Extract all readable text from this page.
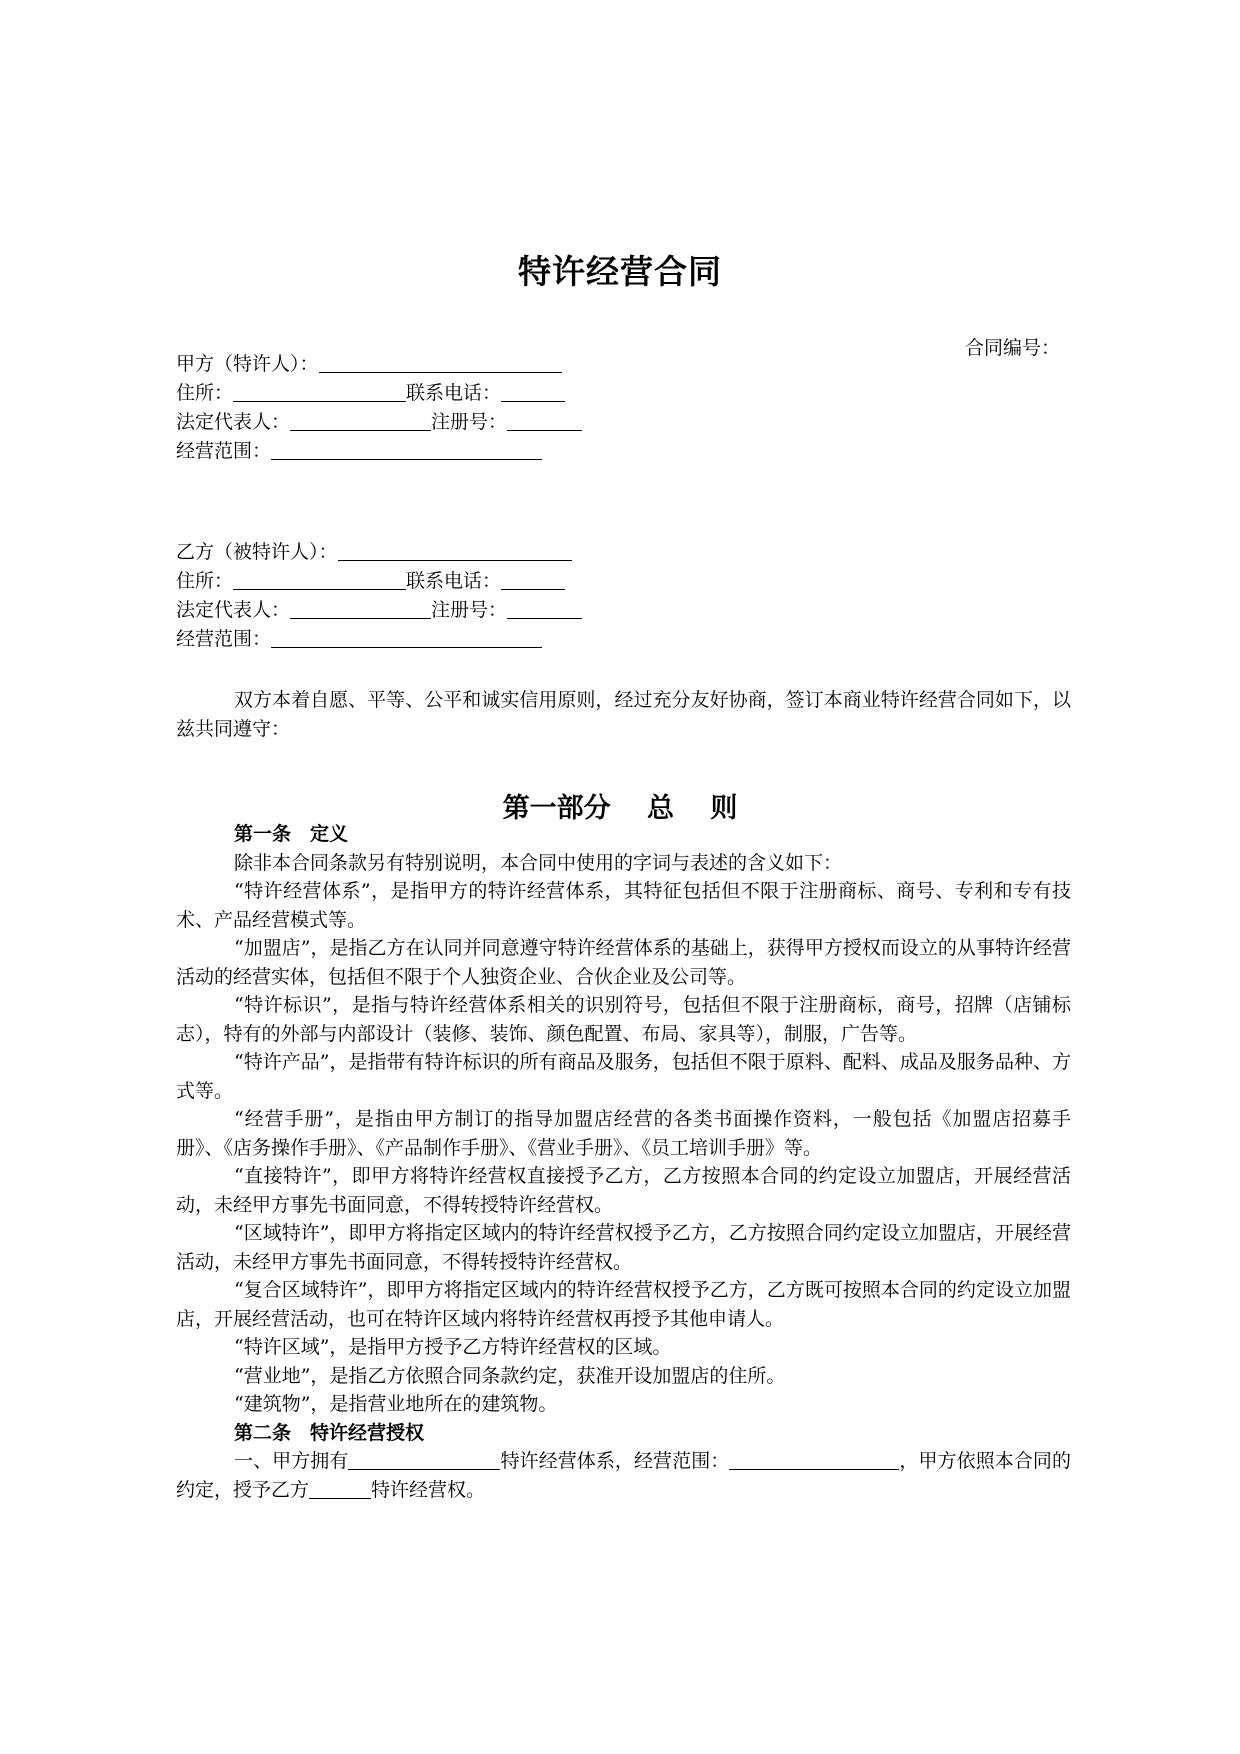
特许经营合同
合同编号：
甲方（特许人）：
住所：	联系电话：
法定代表人：	注册号：
经营范围：
乙方（被特许人）：
住所：	联系电话：
法定代表人：	注册号：
经营范围：

双方本着自愿、平等、公平和诚实信用原则，经过充分友好协商，签订本商业特许经营合同如下，以兹共同遵守：

第一部分　 总　 则

第一条　定义

除非本合同条款另有特别说明，本合同中使用的字词与表述的含义如下：

“特许经营体系”，是指甲方的特许经营体系，其特征包括但不限于注册商标、商号、专利和专有技术、产品经营模式等。

“加盟店”，是指乙方在认同并同意遵守特许经营体系的基础上，获得甲方授权而设立的从事特许经营活动的经营实体，包括但不限于个人独资企业、合伙企业及公司等。

“特许标识”，是指与特许经营体系相关的识别符号，包括但不限于注册商标，商号，招牌（店铺标志），特有的外部与内部设计（装修、装饰、颜色配置、布局、家具等），制服，广告等。

“特许产品”，是指带有特许标识的所有商品及服务，包括但不限于原料、配料、成品及服务品种、方式等。

“经营手册”，是指由甲方制订的指导加盟店经营的各类书面操作资料，一般包括《加盟店招募手册》、《店务操作手册》、《产品制作手册》、《营业手册》、《员工培训手册》等。

“直接特许”，即甲方将特许经营权直接授予乙方，乙方按照本合同的约定设立加盟店，开展经营活动，未经甲方事先书面同意，不得转授特许经营权。

“区域特许”，即甲方将指定区域内的特许经营权授予乙方，乙方按照合同约定设立加盟店，开展经营活动，未经甲方事先书面同意，不得转授特许经营权。

“复合区域特许”，即甲方将指定区域内的特许经营权授予乙方，乙方既可按照本合同的约定设立加盟店，开展经营活动，也可在特许区域内将特许经营权再授予其他申请人。

“特许区域”，是指甲方授予乙方特许经营权的区域。

“营业地”，是指乙方依照合同条款约定，获准开设加盟店的住所。

“建筑物”，是指营业地所在的建筑物。

第二条　特许经营授权

一、甲方拥有	特许经营体系，经营范围：	，甲方依照本合同的约定，授予乙方	特许经营权。
